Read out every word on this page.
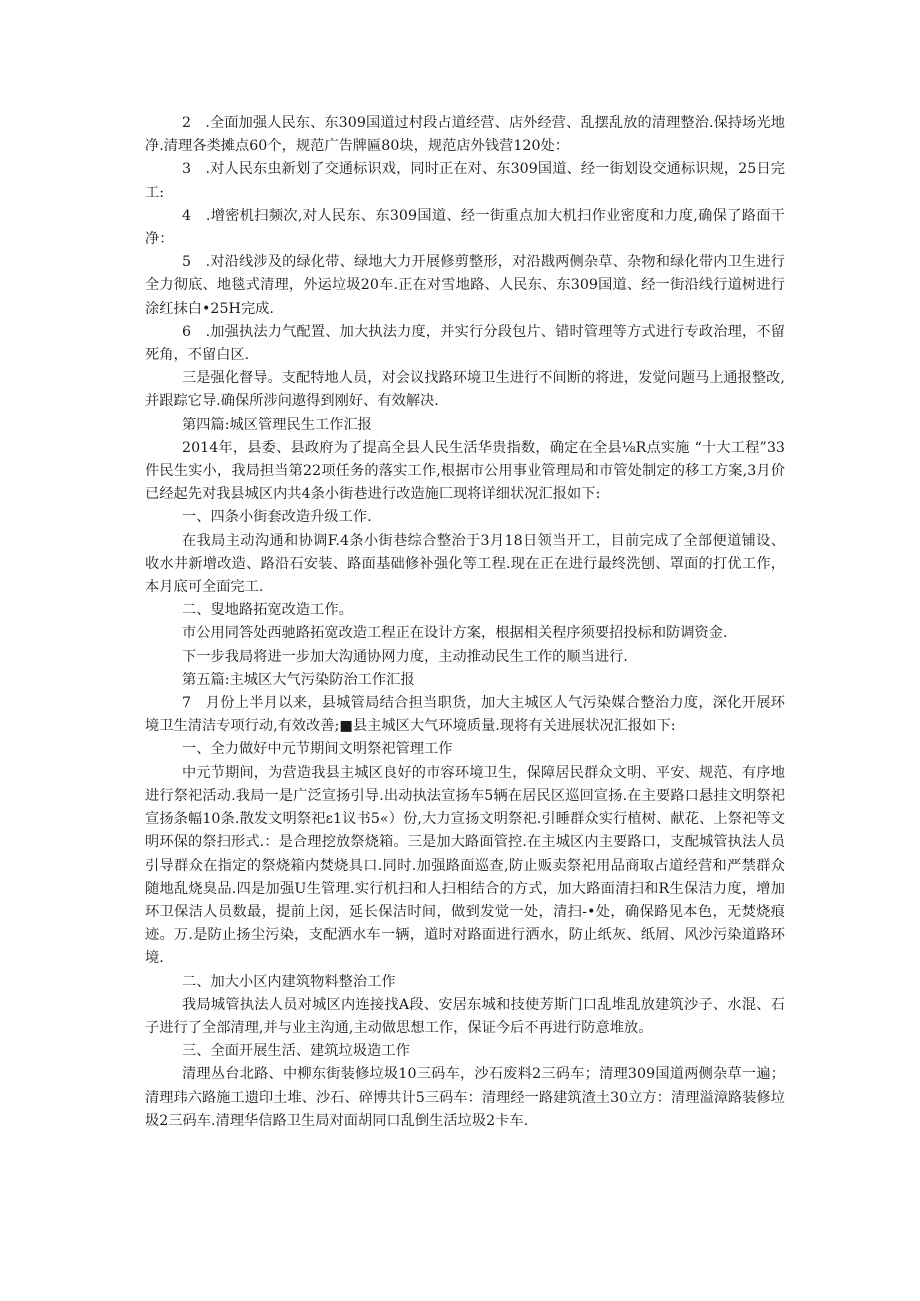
2　.全面加强人民东、东309国道过村段占道经营、店外经营、乱摆乱放的清理整治.保持场光地净.清理各类摊点60个，规范广告牌匾80块，规范店外钱营120处：

3　.对人民东虫新划了交通标识戏，同时正在对、东309国道、经一街划设交通标识规，25日完工:

4　.增密机扫频次,对人民东、东309国道、经一街重点加大机扫作业密度和力度,确保了路面干净：

5　.对沿线涉及的绿化带、绿地大力开展修剪整形，对沿戡两侧杂草、杂物和绿化带内卫生进行全力彻底、地毯式清理，外运垃圾20车.正在对雪地路、人民东、东309国道、经一街沿线行道树进行涂红抹白•25H完成.

6　.加强执法力气配置、加大执法力度，并实行分段包片、错时管理等方式进行专政治理，不留死角，不留白区.

三是强化督导。支配特地人员，对会议找路环境卫生进行不间断的将进，发觉问题马上通报整改,并跟踪它导.确保所涉问遨得到刚好、有效解决.

第四篇:城区管理民生工作汇报

2014年，县委、县政府为了提高全县人民生活华贵指数，确定在全县⅛R点实施 “十大工程”33件民生实小，我局担当第22项任务的落实工作,根据市公用事业管理局和市管处制定的移工方案,3月价已经起先对我县城区内共4条小街巷进行改造施匚现将详细状况汇报如下:

一、四条小街套改造升级工作.

在我局主动沟通和协调F.4条小街巷综合整治于3月18日领当开工，目前完成了全部便道铺设、收水井新增改造、路沿石安装、路面基础修补强化等工程.现在正在进行最终洗刨、罩面的打优工作，本月底可全面完工.

二、叟地路拓宽改造工作。

市公用同答处西驰路拓宽改造工程正在设计方案，根据相关程序须要招投标和防调资金.

下一步我局将进一步加大沟通协网力度，主动推动民生工作的顺当进行.

第五篇:主城区大气污染防治工作汇报

7　月份上半月以来，县城管局结合担当职货，加大主城区人气污染媒合整治力度，深化开展环境卫生清洁专项行动,有效改善;■县主城区大气环境质量.现将有关进展状况汇报如下:

一、全力做好中元节期间文明祭祀管理工作

中元节期间，为营造我县主城区良好的市容环境卫生，保障居民群众文明、平安、规范、有序地进行祭祀活动.我局一是广泛宣扬引导.出动执法宣扬车5辆在居民区巡回宣扬.在主要路口悬挂文明祭祀宣扬条幅10条.散发文明祭祀ɛ1议书5«）份,大力宣扬文明祭祀.引睡群众实行植树、献花、上祭祀等文明环保的祭扫形式.：是合理挖放祭烧箱。三是加大路面管控.在主城区内主要路口，支配城管执法人员引导群众在指定的祭烧箱内焚烧具口.同时.加强路面巡查,防止贩卖祭祀用品商取占道经营和严禁群众随地乱烧臭品.四是加强U生管理.实行机扫和人扫相结合的方式，加大路面清扫和R生保洁力度，增加环卫保洁人员数最，提前上闵，延长保洁时间，做到发觉一处，清扫-•处，确保路见本色，无焚烧痕迹。万.是防止扬尘污染，支配洒水车一辆，道时对路面进行洒水，防止纸灰、纸屑、风沙污染道路环境.

二、加大小区内建筑物料整治工作

我局城管执法人员对城区内连接找A段、安居东城和技使芳斯门口乱堆乱放建筑沙子、水混、石子进行了全部清理,并与业主沟通,主动做思想工作，保证今后不再进行防意堆放。

三、全面开展生活、建筑垃圾造工作

清理丛台北路、中柳东街装修垃圾10三码车，沙石废料2三码车；清理309国道两侧杂草一遍；清理玮六路施工遗印土堆、沙石、碎博共计5三码车：清理经一路建筑渣土30立方：清理溢漳路装修垃圾2三码车.清理华信路卫生局对面胡同口乱倒生活垃圾2卡车.
